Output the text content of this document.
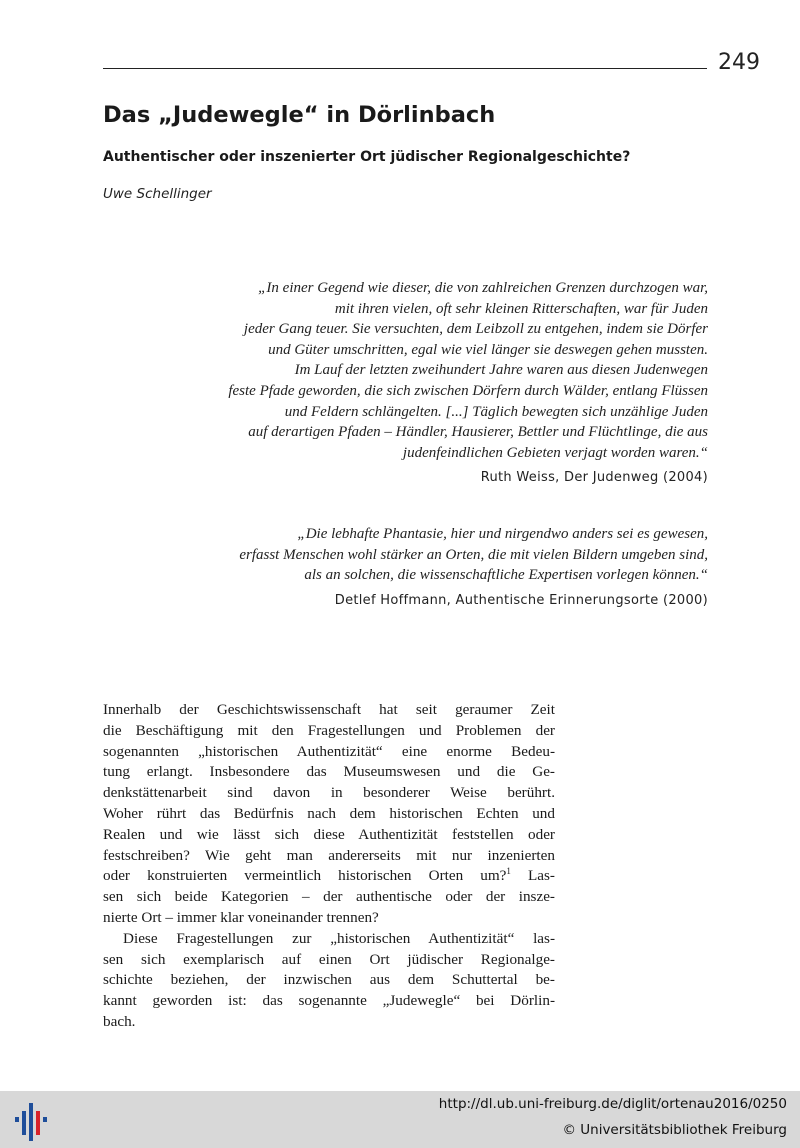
249
Das „Judewegle“ in Dörlinbach
Authentischer oder inszenierter Ort jüdischer Regionalgeschichte?
Uwe Schellinger
„In einer Gegend wie dieser, die von zahlreichen Grenzen durchzogen war,
mit ihren vielen, oft sehr kleinen Ritterschaften, war für Juden
jeder Gang teuer. Sie versuchten, dem Leibzoll zu entgehen, indem sie Dörfer
und Güter umschritten, egal wie viel länger sie deswegen gehen mussten.
Im Lauf der letzten zweihundert Jahre waren aus diesen Judenwegen
feste Pfade geworden, die sich zwischen Dörfern durch Wälder, entlang Flüssen
und Feldern schlängelten. [...] Täglich bewegten sich unzählige Juden
auf derartigen Pfaden – Händler, Hausierer, Bettler und Flüchtlinge, die aus
judenfeindlichen Gebieten verjagt worden waren.“
Ruth Weiss, Der Judenweg (2004)
„Die lebhafte Phantasie, hier und nirgendwo anders sei es gewesen,
erfasst Menschen wohl stärker an Orten, die mit vielen Bildern umgeben sind,
als an solchen, die wissenschaftliche Expertisen vorlegen können.“
Detlef Hoffmann, Authentische Erinnerungsorte (2000)
Innerhalb der Geschichtswissenschaft hat seit geraumer Zeit
die Beschäftigung mit den Fragestellungen und Problemen der
sogenannten „historischen Authentizität“ eine enorme Bedeu-
tung erlangt. Insbesondere das Museumswesen und die Ge-
denkstättenarbeit sind davon in besonderer Weise berührt.
Woher rührt das Bedürfnis nach dem historischen Echten und
Realen und wie lässt sich diese Authentizität feststellen oder
festschreiben? Wie geht man andererseits mit nur inzenierten
oder konstruierten vermeintlich historischen Orten um?$^1$ Las-
sen sich beide Kategorien – der authentische oder der insze-
nierte Ort – immer klar voneinander trennen?
Diese Fragestellungen zur „historischen Authentizität“ las-
sen sich exemplarisch auf einen Ort jüdischer Regionalge-
schichte beziehen, der inzwischen aus dem Schuttertal be-
kannt geworden ist: das sogenannte „Judewegle“ bei Dörlin-
bach.
http://dl.ub.uni-freiburg.de/diglit/ortenau2016/0250
© Universitätsbibliothek Freiburg
